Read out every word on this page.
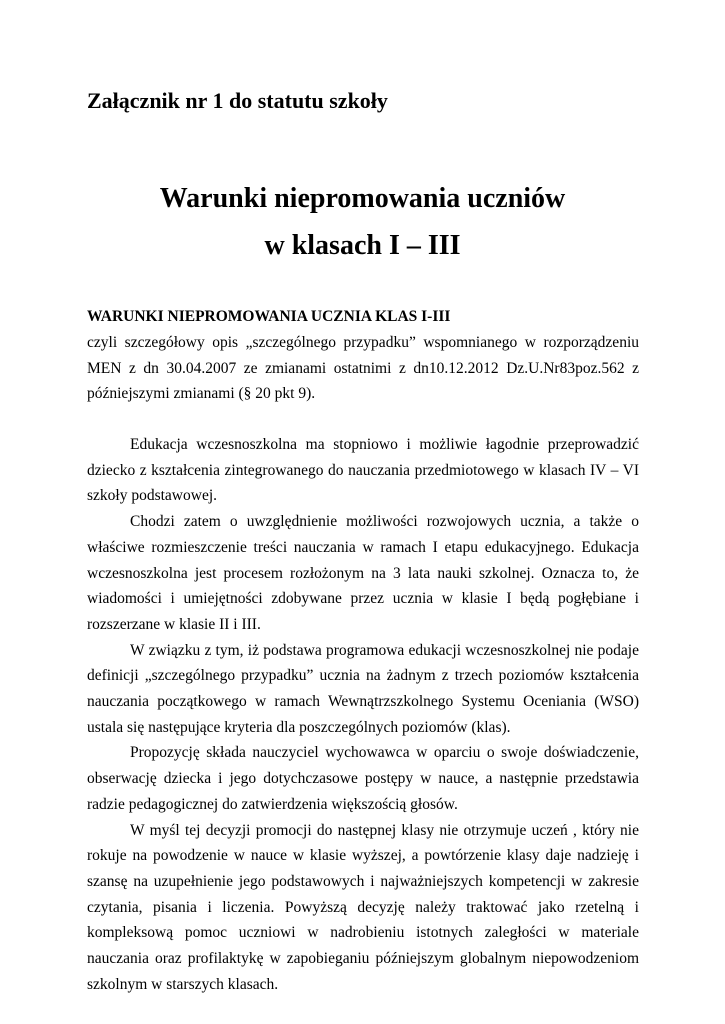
Załącznik nr 1 do statutu szkoły
Warunki niepromowania uczniów
w klasach I – III
WARUNKI NIEPROMOWANIA UCZNIA KLAS I-III

czyli szczegółowy opis „szczególnego przypadku” wspomnianego w rozporządzeniu MEN z dn 30.04.2007 ze zmianami ostatnimi z dn10.12.2012 Dz.U.Nr83poz.562 z późniejszymi zmianami (§ 20 pkt 9).

Edukacja wczesnoszkolna ma stopniowo i możliwie łagodnie przeprowadzić dziecko z kształcenia zintegrowanego do nauczania przedmiotowego w klasach IV – VI szkoły podstawowej.

Chodzi zatem o uwzględnienie możliwości rozwojowych ucznia, a także o właściwe rozmieszczenie treści nauczania w ramach I etapu edukacyjnego. Edukacja wczesnoszkolna jest procesem rozłożonym na 3 lata nauki szkolnej. Oznacza to, że wiadomości i umiejętności zdobywane przez ucznia w klasie I będą pogłębiane i rozszerzane w klasie II i III.

W związku z tym, iż podstawa programowa edukacji wczesnoszkolnej nie podaje definicji „szczególnego przypadku” ucznia na żadnym z trzech poziomów kształcenia nauczania początkowego w ramach Wewnątrzszkolnego Systemu Oceniania (WSO) ustala się następujące kryteria dla poszczególnych poziomów (klas).

Propozycję składa nauczyciel wychowawca w oparciu o swoje doświadczenie, obserwację dziecka i jego dotychczasowe postępy w nauce, a następnie przedstawia radzie pedagogicznej do zatwierdzenia większością głosów.

W myśl tej decyzji promocji do następnej klasy nie otrzymuje uczeń , który nie rokuje na powodzenie w nauce w klasie wyższej, a powtórzenie klasy daje nadzieję i szansę na uzupełnienie jego podstawowych i najważniejszych kompetencji w zakresie czytania, pisania i liczenia. Powyższą decyzję należy traktować jako rzetelną i kompleksową pomoc uczniowi w nadrobieniu istotnych zaległości w materiale nauczania oraz profilaktykę w zapobieganiu późniejszym globalnym niepowodzeniom szkolnym w starszych klasach.
